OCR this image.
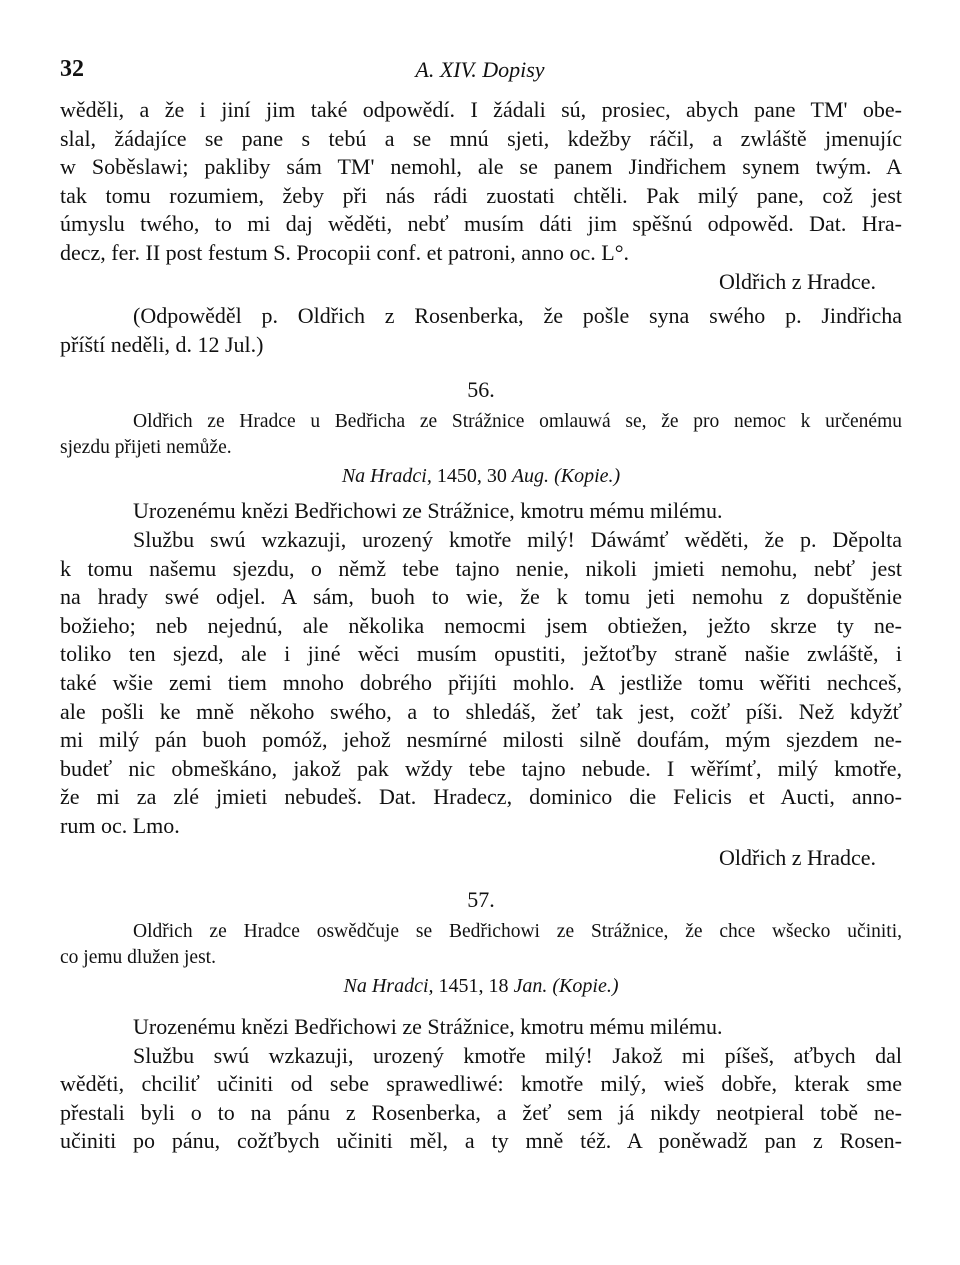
32	A. XIV. Dopisy

wěděli, a že i jiní jim také odpowědí. I žádali sú, prosiec, abych pane TM' obe-

slal, žádajíce se pane s tebú a se mnú sjeti, kdežby ráčil, a zwláště jmenujíc

w Soběslawi; pakliby sám TM' nemohl, ale se panem Jindřichem synem twým. A

tak tomu rozumiem, žeby při nás rádi zuostati chtěli. Pak milý pane, což jest

úmyslu twého, to mi daj wěděti, nebť musím dáti jim spěšnú odpowěd. Dat. Hra-

decz, fer. II post festum S. Procopii conf. et patroni, anno oc. L°.

Oldřich z Hradce.

(Odpowěděl p. Oldřich z Rosenberka, že pošle syna swého p. Jindřicha

příští neděli, d. 12 Jul.)

56.

Oldřich ze Hradce u Bedřicha ze Strážnice omlauwá se, že pro nemoc k určenému

sjezdu přijeti nemůže.

Na Hradci, 1450, 30 Aug. (Kopie.)

Urozenému knězi Bedřichowi ze Strážnice, kmotru mému milému.

Službu swú wzkazuji, urozený kmotře milý! Dáwámť wěděti, že p. Děpolta

k tomu našemu sjezdu, o němž tebe tajno nenie, nikoli jmieti nemohu, nebť jest

na hrady swé odjel. A sám, buoh to wie, že k tomu jeti nemohu z dopuštěnie

božieho; neb nejednú, ale několika nemocmi jsem obtiežen, ježto skrze ty ne-

toliko ten sjezd, ale i jiné wěci musím opustiti, ježtoťby straně našie zwláště, i

také wšie zemi tiem mnoho dobrého přijíti mohlo. A jestliže tomu wěřiti nechceš,

ale pošli ke mně někoho swého, a to shledáš, žeť tak jest, cožť píši. Než kdyžť

mi milý pán buoh pomóž, jehož nesmírné milosti silně doufám, mým sjezdem ne-

budeť nic obmeškáno, jakož pak wždy tebe tajno nebude. I wěřímť, milý kmotře,

že mi za zlé jmieti nebudeš. Dat. Hradecz, dominico die Felicis et Aucti, anno-

rum oc. Lmo.

Oldřich z Hradce.

57.

Oldřich ze Hradce oswědčuje se Bedřichowi ze Strážnice, že chce wšecko učiniti,

co jemu dlužen jest.

Na Hradci, 1451, 18 Jan. (Kopie.)

Urozenému knězi Bedřichowi ze Strážnice, kmotru mému milému.

Službu swú wzkazuji, urozený kmotře milý! Jakož mi píšeš, aťbych dal

wěděti, chciliť učiniti od sebe sprawedliwé: kmotře milý, wieš dobře, kterak sme

přestali byli o to na pánu z Rosenberka, a žeť sem já nikdy neotpieral tobě ne-

učiniti po pánu, cožťbych učiniti měl, a ty mně též. A poněwadž pan z Rosen-
